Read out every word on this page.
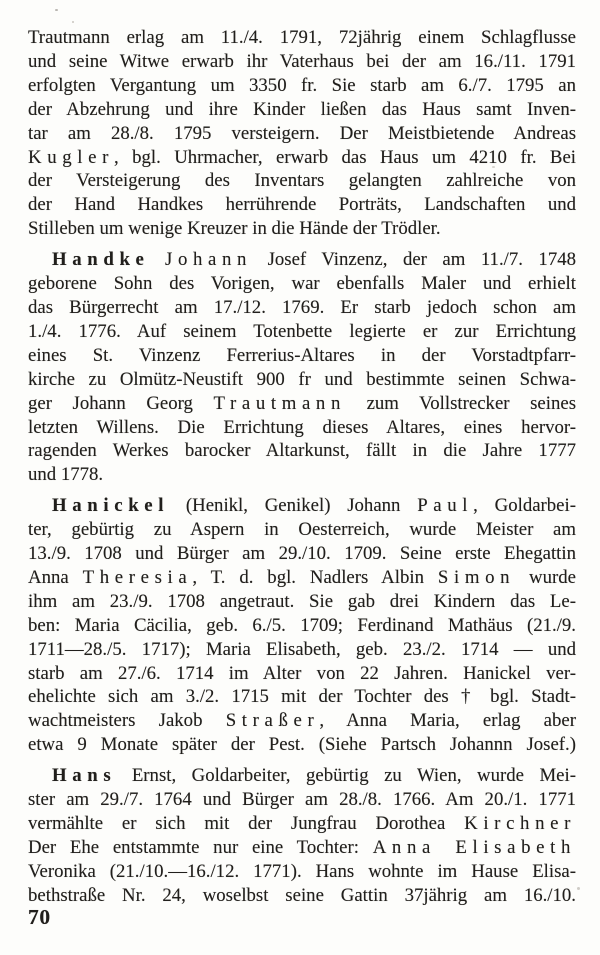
Trautmann erlag am 11./4. 1791, 72jährig einem Schlagflusse
und seine Witwe erwarb ihr Vaterhaus bei der am 16./11. 1791
erfolgten Vergantung um 3350 fr. Sie starb am 6./7. 1795 an
der Abzehrung und ihre Kinder ließen das Haus samt Inven-
tar am 28./8. 1795 versteigern. Der Meistbietende Andreas
Kugler, bgl. Uhrmacher, erwarb das Haus um 4210 fr. Bei
der Versteigerung des Inventars gelangten zahlreiche von
der Hand Handkes herrührende Porträts, Landschaften und
Stilleben um wenige Kreuzer in die Hände der Trödler.
Handke Johann Josef Vinzenz, der am 11./7. 1748
geborene Sohn des Vorigen, war ebenfalls Maler und erhielt
das Bürgerrecht am 17./12. 1769. Er starb jedoch schon am
1./4. 1776. Auf seinem Totenbette legierte er zur Errichtung
eines St. Vinzenz Ferrerius-Altares in der Vorstadtpfarr-
kirche zu Olmütz-Neustift 900 fr und bestimmte seinen Schwa-
ger Johann Georg Trautmann zum Vollstrecker seines
letzten Willens. Die Errichtung dieses Altares, eines hervor-
ragenden Werkes barocker Altarkunst, fällt in die Jahre 1777
und 1778.
Hanickel (Henikl, Genikel) Johann Paul, Goldarbei-
ter, gebürtig zu Aspern in Oesterreich, wurde Meister am
13./9. 1708 und Bürger am 29./10. 1709. Seine erste Ehegattin
Anna Theresia, T. d. bgl. Nadlers Albin Simon wurde
ihm am 23./9. 1708 angetraut. Sie gab drei Kindern das Le-
ben: Maria Cäcilia, geb. 6./5. 1709; Ferdinand Mathäus (21./9.
1711—28./5. 1717); Maria Elisabeth, geb. 23./2. 1714 — und
starb am 27./6. 1714 im Alter von 22 Jahren. Hanickel ver-
ehelichte sich am 3./2. 1715 mit der Tochter des † bgl. Stadt-
wachtmeisters Jakob Straßer, Anna Maria, erlag aber
etwa 9 Monate später der Pest. (Siehe Partsch Johannn Josef.)
Hans Ernst, Goldarbeiter, gebürtig zu Wien, wurde Mei-
ster am 29./7. 1764 und Bürger am 28./8. 1766. Am 20./1. 1771
vermählte er sich mit der Jungfrau Dorothea Kirchner
Der Ehe entstammte nur eine Tochter: Anna Elisabeth
Veronika (21./10.—16./12. 1771). Hans wohnte im Hause Elisa-
bethstraße Nr. 24, woselbst seine Gattin 37jährig am 16./10.
70
